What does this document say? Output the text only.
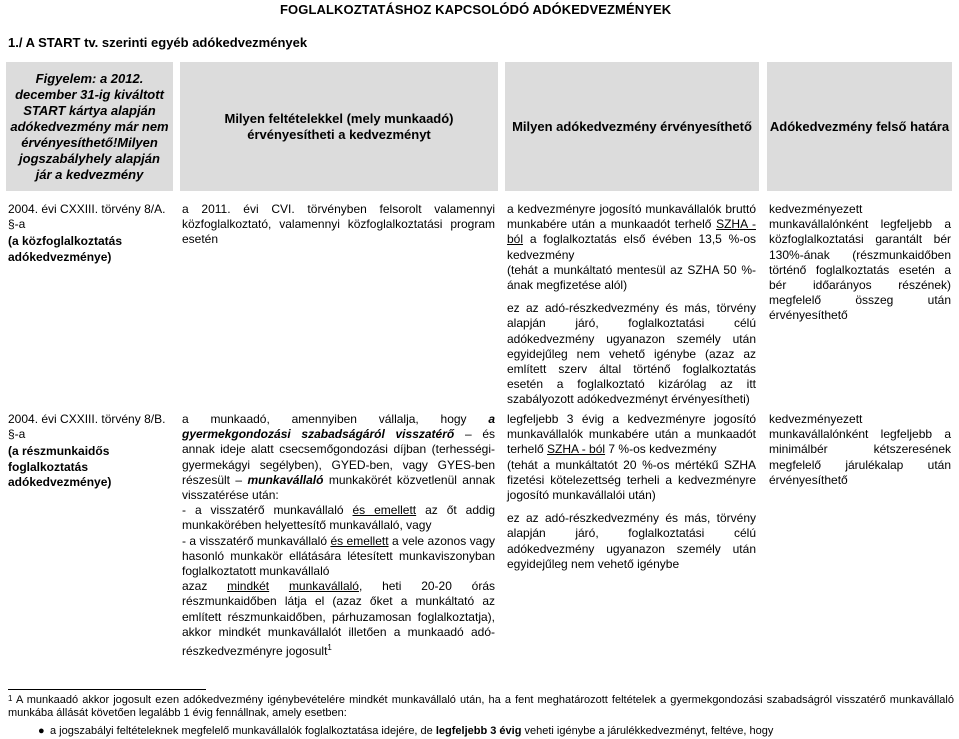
FOGLALKOZTATÁSHOZ KAPCSOLÓDÓ ADÓKEDVEZMÉNYEK
1./ A START tv. szerinti egyéb adókedvezmények
Figyelem: a 2012. december 31-ig kiváltott START kártya alapján adókedvezmény már nem érvényesíthető!Milyen jogszabályhely alapján jár a kedvezmény
Milyen feltételekkel (mely munkaadó) érvényesítheti a kedvezményt
Milyen adókedvezmény érvényesíthető Adókedvezmény felső határa
2004. évi CXXIII. törvény 8/A. §-a
(a közfoglalkoztatás adókedvezménye)
a 2011. évi CVI. törvényben felsorolt valamennyi közfoglalkoztató, valamennyi közfoglalkoztatási program esetén
a kedvezményre jogosító munkavállalók bruttó munkabére után a munkaadót terhelő SZHA - ból a foglalkoztatás első évében 13,5 %-os kedvezmény
(tehát a munkáltató mentesül az SZHA 50 %-ának megfizetése alól)
ez az adó-részkedvezmény és más, törvény alapján járó, foglalkoztatási célú adókedvezmény ugyanazon személy után egyidejűleg nem vehető igénybe (azaz az említett szerv által történő foglalkoztatás esetén a foglalkoztató kizárólag az itt szabályozott adókedvezményt érvényesítheti)
kedvezményezett munkavállalónként legfeljebb a közfoglalkoztatási garantált bér 130%-ának (részmunkaidőben történő foglalkoztatás esetén a bér időarányos részének) megfelelő összeg után érvényesíthető
2004. évi CXXIII. törvény 8/B. §-a
(a részmunkaidős foglalkoztatás adókedvezménye)
a munkaadó, amennyiben vállalja, hogy a gyermekgondozási szabadságáról visszatérő – és annak ideje alatt csecsemőgondozási díjban (terhességi-gyermekágyi segélyben), GYED-ben, vagy GYES-ben részesült – munkavállaló munkakörét közvetlenül annak visszatérése után:
- a visszatérő munkavállaló és emellett az őt addig munkakörében helyettesítő munkavállaló, vagy
- a visszatérő munkavállaló és emellett a vele azonos vagy hasonló munkakör ellátására létesített munkaviszonyban foglalkoztatott munkavállaló
azaz mindkét munkavállaló, heti 20-20 órás részmunkaidőben látja el (azaz őket a munkáltató az említett részmunkaidőben, párhuzamosan foglalkoztatja), akkor mindkét munkavállalót illetően a munkaadó adó-részkedvezményre jogosult$^1$
legfeljebb 3 évig a kedvezményre jogosító munkavállalók munkabére után a munkaadót terhelő SZHA - ból 7 %-os kedvezmény
(tehát a munkáltatót 20 %-os mértékű SZHA fizetési kötelezettség terheli a kedvezményre jogosító munkavállalói után)
ez az adó-részkedvezmény és más, törvény alapján járó, foglalkoztatási célú adókedvezmény ugyanazon személy után egyidejűleg nem vehető igénybe
kedvezményezett munkavállalónként legfeljebb a minimálbér kétszeresének megfelelő járulékalap után érvényesíthető
$^1$ A munkaadó akkor jogosult ezen adókedvezmény igénybevételére mindkét munkavállaló után, ha a fent meghatározott feltételek a gyermekgondozási szabadságról visszatérő munkavállaló munkába állását követően legalább 1 évig fennállnak, amely esetben:
● a jogszabályi feltételeknek megfelelő munkavállalók foglalkoztatása idejére, de legfeljebb 3 évig veheti igénybe a járulékkedvezményt, feltéve, hogy
